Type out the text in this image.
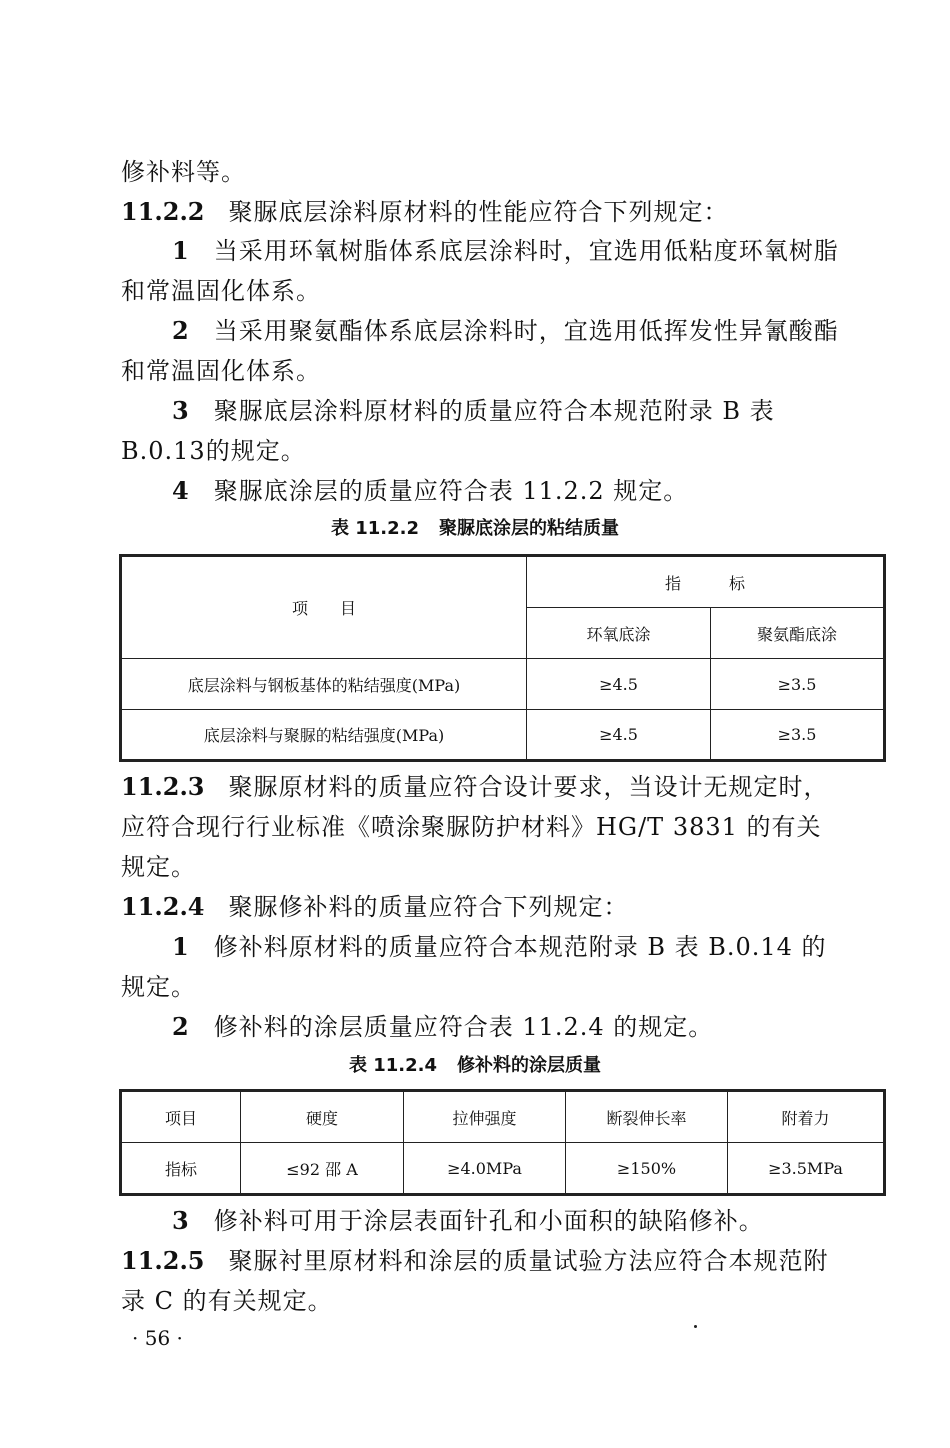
修补料等。
11.2.2 聚脲底层涂料原材料的性能应符合下列规定：
1　 当采用环氧树脂体系底层涂料时，宜选用低粘度环氧树脂
和常温固化体系。
2　 当采用聚氨酯体系底层涂料时，宜选用低挥发性异氰酸酯
和常温固化体系。
3　 聚脲底层涂料原材料的质量应符合本规范附录 B 表
B.0.13的规定。
4　 聚脲底涂层的质量应符合表 11.2.2 规定。
表 11.2.2 聚脲底涂层的粘结质量
项　　目	指　　　标	
	环氧底涂	聚氨酯底涂
底层涂料与钢板基体的粘结强度(MPa)	≥4.5	≥3.5
底层涂料与聚脲的粘结强度(MPa)	≥4.5	≥3.5
11.2.3 聚脲原材料的质量应符合设计要求，当设计无规定时，
应符合现行行业标准《喷涂聚脲防护材料》HG/T 3831 的有关
规定。
11.2.4 聚脲修补料的质量应符合下列规定：
1　 修补料原材料的质量应符合本规范附录 B 表 B.0.14 的
规定。
2　 修补料的涂层质量应符合表 11.2.4 的规定。
表 11.2.4 修补料的涂层质量
项目	硬度	拉伸强度	断裂伸长率	附着力
指标	≤92 邵 A	≥4.0MPa	≥150%	≥3.5MPa
3　 修补料可用于涂层表面针孔和小面积的缺陷修补。
11.2.5 聚脲衬里原材料和涂层的质量试验方法应符合本规范附
录 C 的有关规定。
· 56 ·
